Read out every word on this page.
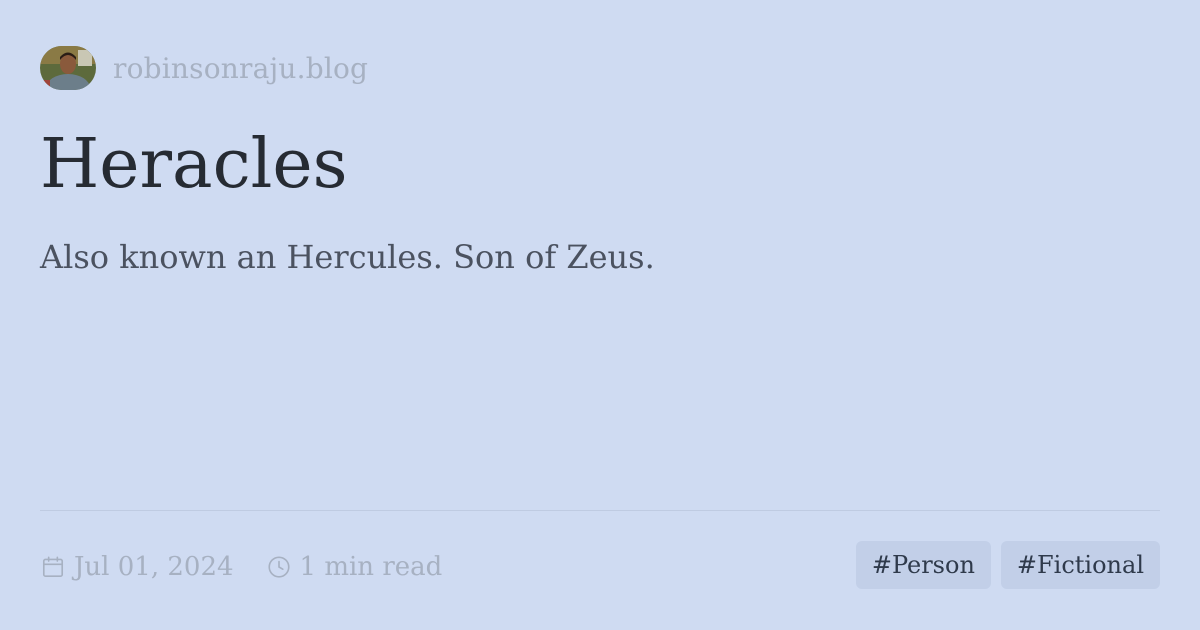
robinsonraju.blog
Heracles

Also known an Hercules. Son of Zeus.

Jul 01, 2024	1 min read	#Person	#Fictional
